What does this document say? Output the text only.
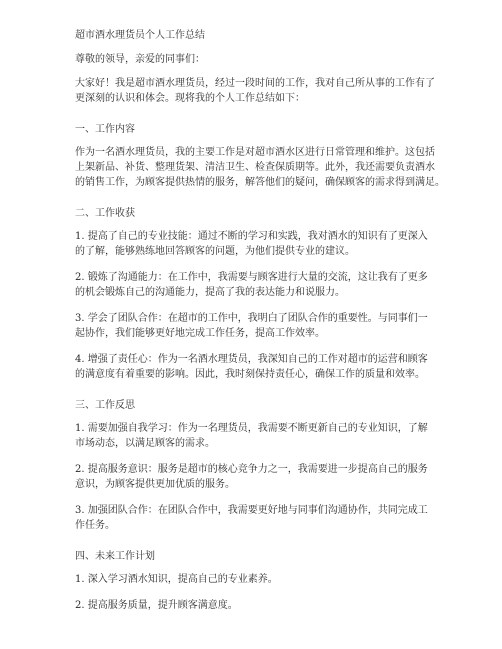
超市酒水理货员个人工作总结

尊敬的领导，亲爱的同事们：

大家好！我是超市酒水理货员，经过一段时间的工作，我对自己所从事的工作有了
更深刻的认识和体会。现将我的个人工作总结如下：

一、工作内容

作为一名酒水理货员，我的主要工作是对超市酒水区进行日常管理和维护。这包括
上架新品、补货、整理货架、清洁卫生、检查保质期等。此外，我还需要负责酒水
的销售工作，为顾客提供热情的服务，解答他们的疑问，确保顾客的需求得到满足。

二、工作收获

1. 提高了自己的专业技能：通过不断的学习和实践，我对酒水的知识有了更深入
的了解，能够熟练地回答顾客的问题，为他们提供专业的建议。

2. 锻炼了沟通能力：在工作中，我需要与顾客进行大量的交流，这让我有了更多
的机会锻炼自己的沟通能力，提高了我的表达能力和说服力。

3. 学会了团队合作：在超市的工作中，我明白了团队合作的重要性。与同事们一
起协作，我们能够更好地完成工作任务，提高工作效率。

4. 增强了责任心：作为一名酒水理货员，我深知自己的工作对超市的运营和顾客
的满意度有着重要的影响。因此，我时刻保持责任心，确保工作的质量和效率。

三、工作反思

1. 需要加强自我学习：作为一名理货员，我需要不断更新自己的专业知识，了解
市场动态，以满足顾客的需求。

2. 提高服务意识：服务是超市的核心竞争力之一，我需要进一步提高自己的服务
意识，为顾客提供更加优质的服务。

3. 加强团队合作：在团队合作中，我需要更好地与同事们沟通协作，共同完成工
作任务。

四、未来工作计划

1. 深入学习酒水知识，提高自己的专业素养。

2. 提高服务质量，提升顾客满意度。
